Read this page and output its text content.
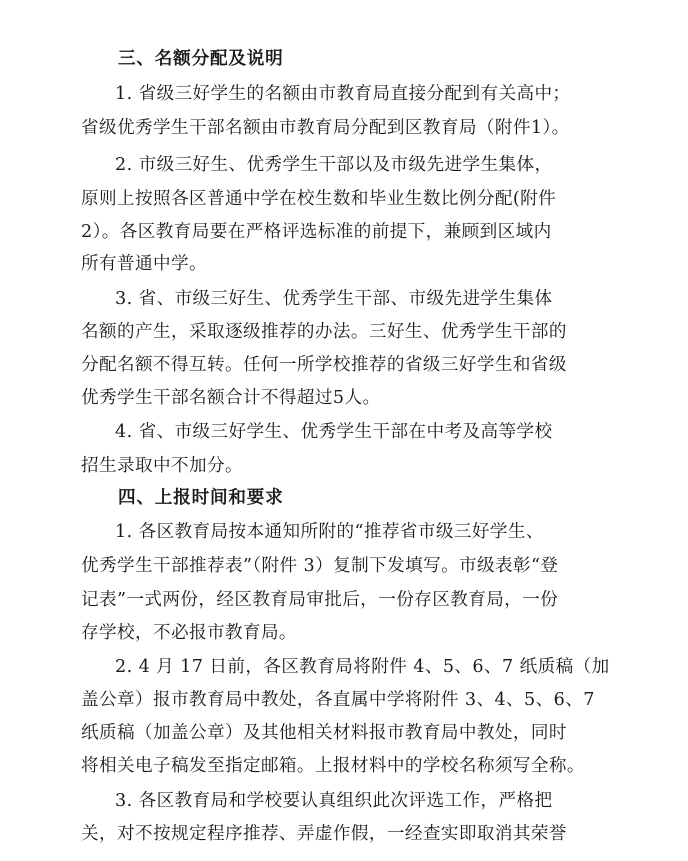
三、名额分配及说明
1. 省级三好学生的名额由市教育局直接分配到有关高中；
省级优秀学生干部名额由市教育局分配到区教育局（附件1）。
2. 市级三好生、优秀学生干部以及市级先进学生集体，
原则上按照各区普通中学在校生数和毕业生数比例分配(附件
2）。各区教育局要在严格评选标准的前提下，兼顾到区域内
所有普通中学。
3. 省、市级三好生、优秀学生干部、市级先进学生集体
名额的产生，采取逐级推荐的办法。三好生、优秀学生干部的
分配名额不得互转。任何一所学校推荐的省级三好学生和省级
优秀学生干部名额合计不得超过5人。
4. 省、市级三好学生、优秀学生干部在中考及高等学校
招生录取中不加分。
四、上报时间和要求
1. 各区教育局按本通知所附的“推荐省市级三好学生、
优秀学生干部推荐表”（附件 3）复制下发填写。市级表彰“登
记表”一式两份，经区教育局审批后，一份存区教育局，一份
存学校，不必报市教育局。
2. 4 月 17 日前，各区教育局将附件 4、5、6、7 纸质稿（加
盖公章）报市教育局中教处，各直属中学将附件 3、4、5、6、7
纸质稿（加盖公章）及其他相关材料报市教育局中教处，同时
将相关电子稿发至指定邮箱。上报材料中的学校名称须写全称。
3. 各区教育局和学校要认真组织此次评选工作，严格把
关，对不按规定程序推荐、弄虚作假，一经查实即取消其荣誉
